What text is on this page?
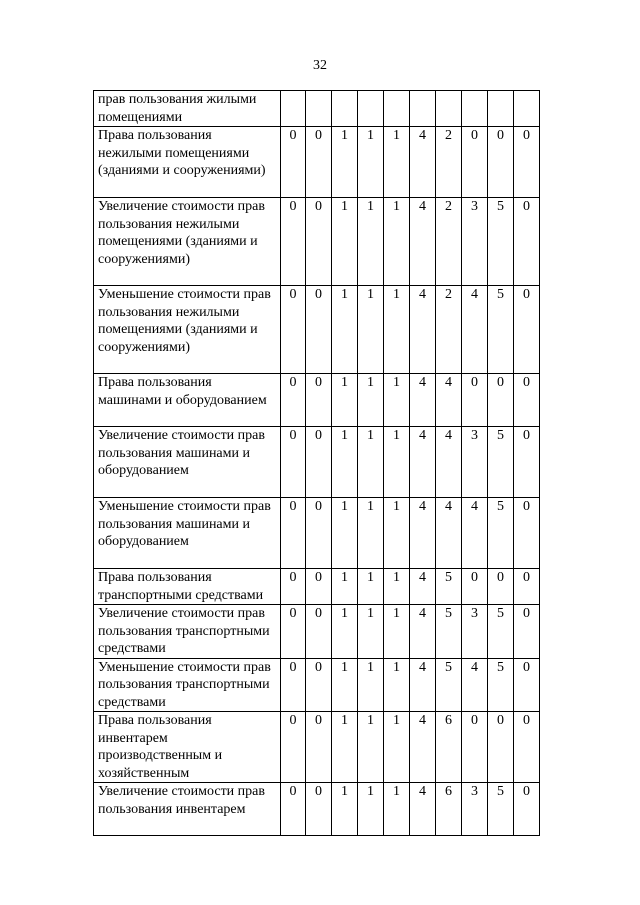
32
прав пользования жилыми помещениями										
Права пользования нежилыми помещениями (зданиями и сооружениями)	0	0	1	1	1	4	2	0	0	0
Увеличение стоимости прав пользования нежилыми помещениями (зданиями и сооружениями)	0	0	1	1	1	4	2	3	5	0
Уменьшение стоимости прав пользования нежилыми помещениями (зданиями и сооружениями)	0	0	1	1	1	4	2	4	5	0
Права пользования машинами и оборудованием	0	0	1	1	1	4	4	0	0	0
Увеличение стоимости прав пользования машинами и оборудованием	0	0	1	1	1	4	4	3	5	0
Уменьшение стоимости прав пользования машинами и оборудованием	0	0	1	1	1	4	4	4	5	0
Права пользования транспортными средствами	0	0	1	1	1	4	5	0	0	0
Увеличение стоимости прав пользования транспортными средствами	0	0	1	1	1	4	5	3	5	0
Уменьшение стоимости прав пользования транспортными средствами	0	0	1	1	1	4	5	4	5	0
Права пользования инвентарем производственным и хозяйственным	0	0	1	1	1	4	6	0	0	0
Увеличение стоимости прав пользования инвентарем	0	0	1	1	1	4	6	3	5	0
